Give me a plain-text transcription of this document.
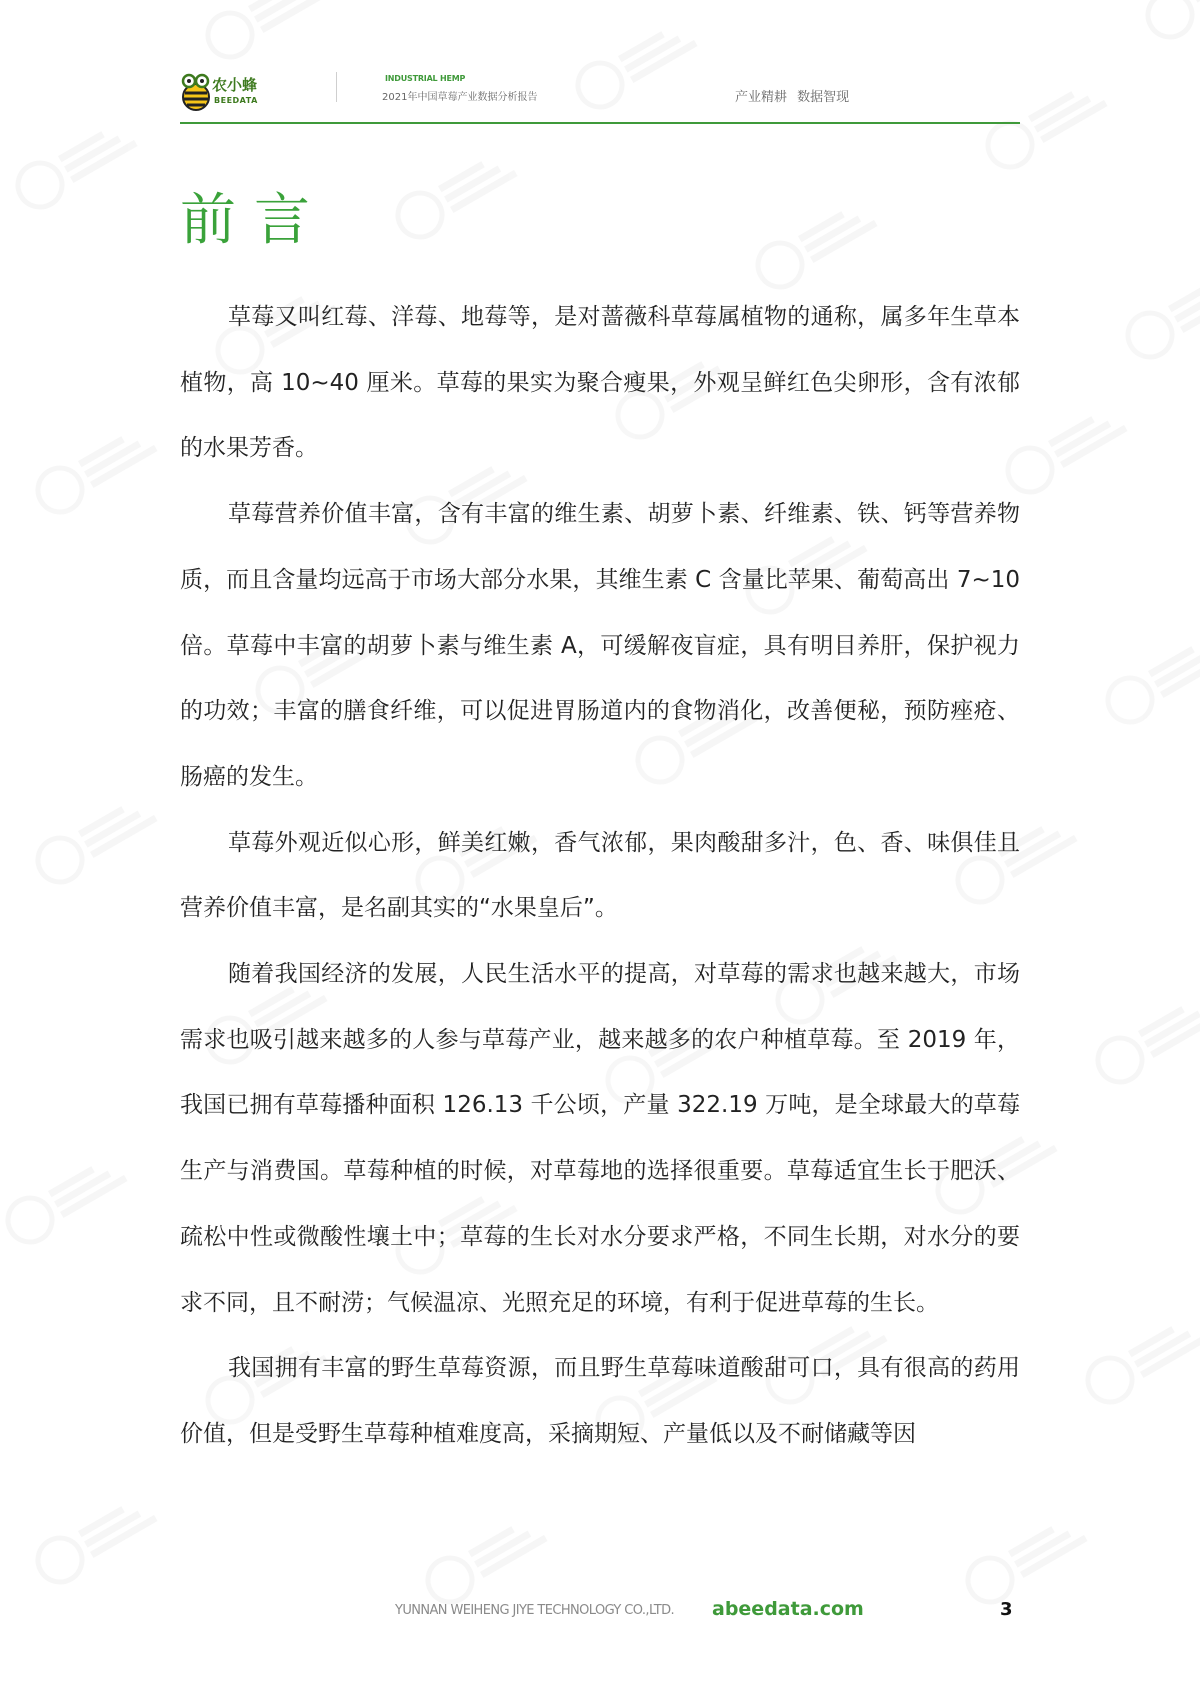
农小蜂
BEEDATA
INDUSTRIAL HEMP
2021年中国草莓产业数据分析报告	产业精耕 数据智现
前言

草莓又叫红莓、洋莓、地莓等，是对蔷薇科草莓属植物的通称，属多年生草本植物，高 10~40 厘米。草莓的果实为聚合瘦果，外观呈鲜红色尖卵形，含有浓郁的水果芳香。

草莓营养价值丰富，含有丰富的维生素、胡萝卜素、纤维素、铁、钙等营养物质，而且含量均远高于市场大部分水果，其维生素 C 含量比苹果、葡萄高出 7~10 倍。草莓中丰富的胡萝卜素与维生素 A，可缓解夜盲症，具有明目养肝，保护视力的功效；丰富的膳食纤维，可以促进胃肠道内的食物消化，改善便秘，预防痤疮、肠癌的发生。

草莓外观近似心形，鲜美红嫩，香气浓郁，果肉酸甜多汁，色、香、味俱佳且营养价值丰富，是名副其实的“水果皇后”。

随着我国经济的发展，人民生活水平的提高，对草莓的需求也越来越大，市场需求也吸引越来越多的人参与草莓产业，越来越多的农户种植草莓。至 2019 年，我国已拥有草莓播种面积 126.13 千公顷，产量 322.19 万吨，是全球最大的草莓生产与消费国。草莓种植的时候，对草莓地的选择很重要。草莓适宜生长于肥沃、疏松中性或微酸性壤土中；草莓的生长对水分要求严格，不同生长期，对水分的要求不同，且不耐涝；气候温凉、光照充足的环境，有利于促进草莓的生长。

我国拥有丰富的野生草莓资源，而且野生草莓味道酸甜可口，具有很高的药用价值，但是受野生草莓种植难度高，采摘期短、产量低以及不耐储藏等因

YUNNAN WEIHENG JIYE TECHNOLOGY CO.,LTD. abeedata.com	3
